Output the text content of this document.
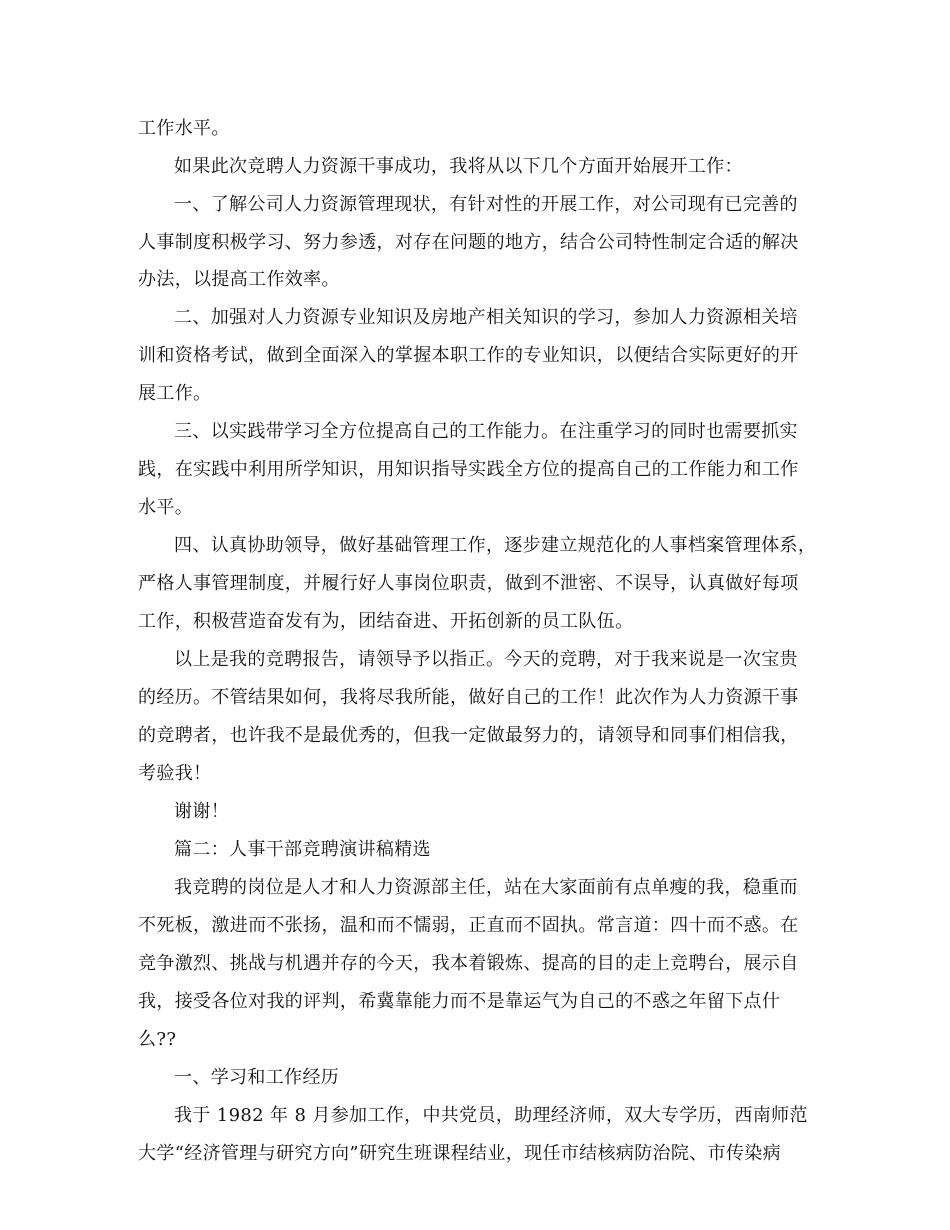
工作水平。
如果此次竞聘人力资源干事成功，我将从以下几个方面开始展开工作：
一、了解公司人力资源管理现状，有针对性的开展工作，对公司现有已完善的
人事制度积极学习、努力参透，对存在问题的地方，结合公司特性制定合适的解决
办法，以提高工作效率。
二、加强对人力资源专业知识及房地产相关知识的学习，参加人力资源相关培
训和资格考试，做到全面深入的掌握本职工作的专业知识，以便结合实际更好的开
展工作。
三、以实践带学习全方位提高自己的工作能力。在注重学习的同时也需要抓实
践，在实践中利用所学知识，用知识指导实践全方位的提高自己的工作能力和工作
水平。
四、认真协助领导，做好基础管理工作，逐步建立规范化的人事档案管理体系，
严格人事管理制度，并履行好人事岗位职责，做到不泄密、不误导，认真做好每项
工作，积极营造奋发有为，团结奋进、开拓创新的员工队伍。
以上是我的竞聘报告，请领导予以指正。今天的竞聘，对于我来说是一次宝贵
的经历。不管结果如何，我将尽我所能，做好自己的工作！此次作为人力资源干事
的竞聘者，也许我不是最优秀的，但我一定做最努力的，请领导和同事们相信我，
考验我！
谢谢！
篇二：人事干部竞聘演讲稿精选
我竞聘的岗位是人才和人力资源部主任，站在大家面前有点单瘦的我，稳重而
不死板，激进而不张扬，温和而不懦弱，正直而不固执。常言道：四十而不惑。在
竞争激烈、挑战与机遇并存的今天，我本着锻炼、提高的目的走上竞聘台，展示自
我，接受各位对我的评判，希冀靠能力而不是靠运气为自己的不惑之年留下点什
么??
一、学习和工作经历
我于 1982 年 8 月参加工作，中共党员，助理经济师，双大专学历，西南师范
大学“经济管理与研究方向”研究生班课程结业，现任市结核病防治院、市传染病
